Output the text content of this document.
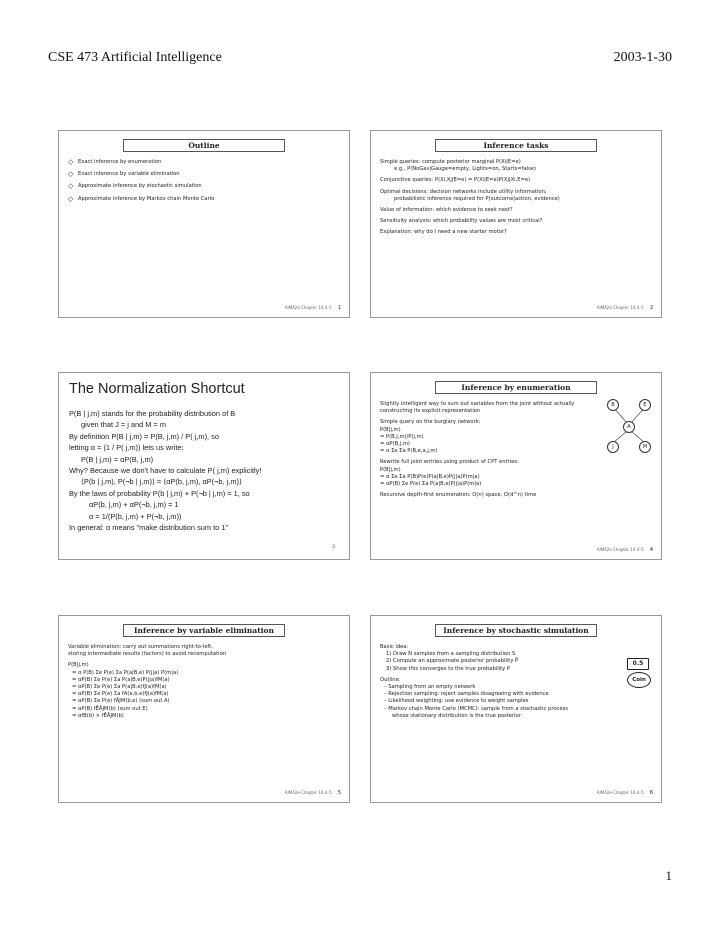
CSE 473 Artificial Intelligence	2003-1-30
Outline
◇ Exact inference by enumeration
◇ Exact inference by variable elimination
◇ Approximate inference by stochastic simulation
◇ Approximate inference by Markov chain Monte Carlo
AIMA2e Chapter 14.4–5 1
Inference tasks
Simple queries: compute posterior marginal P(Xi|E=e)
e.g., P(NoGas|Gauge=empty, Lights=on, Starts=false)
Conjunctive queries: P(Xi,Xj|E=e) = P(Xi|E=e)P(Xj|Xi,E=e)
Optimal decisions: decision networks include utility information;
probabilistic inference required for P(outcome|action, evidence)
Value of information: which evidence to seek next?
Sensitivity analysis: which probability values are most critical?
Explanation: why do I need a new starter motor?
AIMA2e Chapter 14.4–5 2
The Normalization Shortcut
P(B | j,m) stands for the probability distribution of B
given that J = j and M = m
By definition P(B | j,m) = P(B, j,m) / P( j,m), so
letting α = (1 / P( j,m)) lets us write:
P(B | j,m) = αP(B, j,m)
Why? Because we don't have to calculate P( j,m) explicitly!
⟨P(b | j,m), P(¬b | j,m)⟩ = ⟨αP(b, j,m), αP(¬b, j,m)⟩
By the laws of probability P(b | j,m) + P(¬b | j,m) = 1, so
αP(b, j,m) + αP(¬b, j,m) = 1
α = 1/(P(b, j,m) + P(¬b, j,m))
In general: α means "make distribution sum to 1"
3
Inference by enumeration
Slightly intelligent way to sum out variables from the joint without actually
constructing its explicit representation
Simple query on the burglary network:
P(B|j,m)
= P(B,j,m)/P(j,m)
= αP(B,j,m)
= α Σe Σa P(B,e,a,j,m)
Rewrite full joint entries using product of CPT entries:
P(B|j,m)
= α Σe Σa P(B)P(e)P(a|B,e)P(j|a)P(m|a)
= αP(B) Σe P(e) Σa P(a|B,e)P(j|a)P(m|a)
Recursive depth-first enumeration: O(n) space, O(d^n) time
B	E
A
J	M
AIMA2e Chapter 14.4–5 4
Inference by variable elimination
Variable elimination: carry out summations right-to-left,
storing intermediate results (factors) to avoid recomputation
P(B|j,m)
= α P(B) Σe P(e) Σa P(a|B,e) P(j|a) P(m|a)
= αP(B) Σe P(e) Σa P(a|B,e)P(j|a)fM(a)
= αP(B) Σe P(e) Σa P(a|B,e)fJ(a)fM(a)
= αP(B) Σe P(e) Σa fA(a,b,e)fJ(a)fM(a)
= αP(B) Σe P(e) fĀJM(b,e) (sum out A)
= αP(B) fĒĀJM(b) (sum out E)
= αfB(b) × fĒĀJM(b)
AIMA2e Chapter 14.4–5 5
Inference by stochastic simulation
Basic idea:
1) Draw N samples from a sampling distribution S
2) Compute an approximate posterior probability P̂
3) Show this converges to the true probability P
Outline:
– Sampling from an empty network
– Rejection sampling: reject samples disagreeing with evidence
– Likelihood weighting: use evidence to weight samples
– Markov chain Monte Carlo (MCMC): sample from a stochastic process
whose stationary distribution is the true posterior
0.5
Coin
AIMA2e Chapter 14.4–5 6
1
